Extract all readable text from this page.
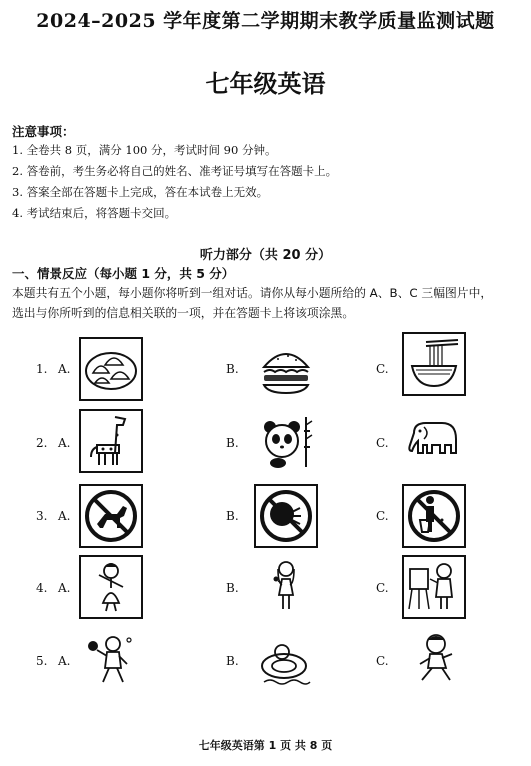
2024–2025 学年度第二学期期末教学质量监测试题
七年级英语
注意事项：
1. 全卷共 8 页，满分 100 分，考试时间 90 分钟。
2. 答卷前，考生务必将自己的姓名、准考证号填写在答题卡上。
3. 答案全部在答题卡上完成，答在本试卷上无效。
4. 考试结束后，将答题卡交回。
听力部分（共 20 分）
一、情景反应（每小题 1 分，共 5 分）
本题共有五个小题，每小题你将听到一组对话。请你从每小题所给的 A、B、C 三幅图片中，
选出与你所听到的信息相关联的一项，并在答题卡上将该项涂黑。
1. A.	B.	C.
2. A.	B.	C.
3. A.	B.	C.
4. A.	B.	C.
5. A.	B.	C.
七年级英语第 1 页 共 8 页
